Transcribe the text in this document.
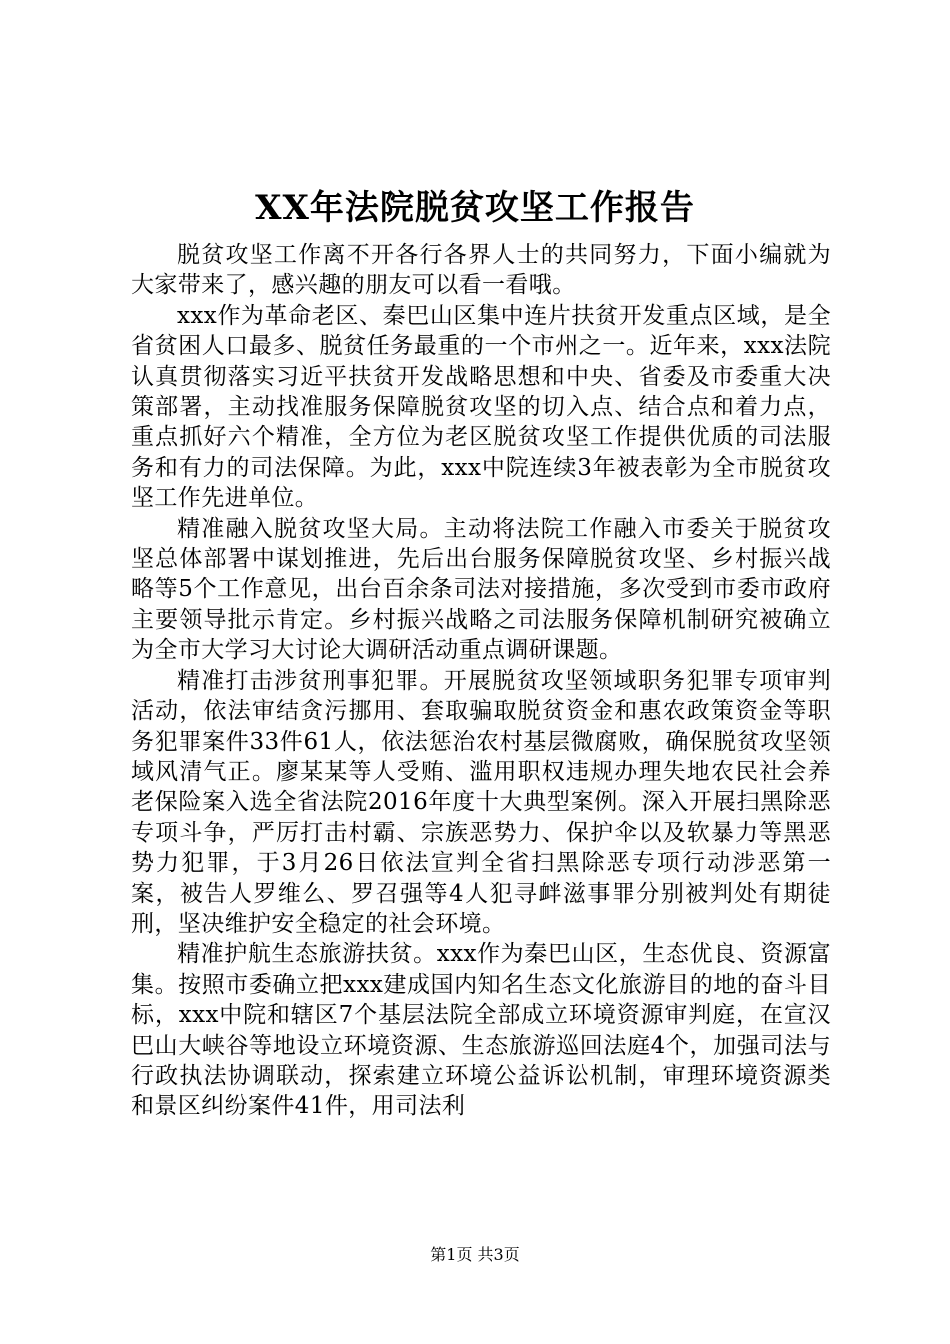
XX年法院脱贫攻坚工作报告

脱贫攻坚工作离不开各行各界人士的共同努力，下面小编就为大家带来了，感兴趣的朋友可以看一看哦。

xxx作为革命老区、秦巴山区集中连片扶贫开发重点区域，是全省贫困人口最多、脱贫任务最重的一个市州之一。近年来，xxx法院认真贯彻落实习近平扶贫开发战略思想和中央、省委及市委重大决策部署，主动找准服务保障脱贫攻坚的切入点、结合点和着力点，重点抓好六个精准，全方位为老区脱贫攻坚工作提供优质的司法服务和有力的司法保障。为此，xxx中院连续3年被表彰为全市脱贫攻坚工作先进单位。

精准融入脱贫攻坚大局。主动将法院工作融入市委关于脱贫攻坚总体部署中谋划推进，先后出台服务保障脱贫攻坚、乡村振兴战略等5个工作意见，出台百余条司法对接措施，多次受到市委市政府主要领导批示肯定。乡村振兴战略之司法服务保障机制研究被确立为全市大学习大讨论大调研活动重点调研课题。

精准打击涉贫刑事犯罪。开展脱贫攻坚领域职务犯罪专项审判活动，依法审结贪污挪用、套取骗取脱贫资金和惠农政策资金等职务犯罪案件33件61人，依法惩治农村基层微腐败，确保脱贫攻坚领域风清气正。廖某某等人受贿、滥用职权违规办理失地农民社会养老保险案入选全省法院2016年度十大典型案例。深入开展扫黑除恶专项斗争，严厉打击村霸、宗族恶势力、保护伞以及软暴力等黑恶势力犯罪，于3月26日依法宣判全省扫黑除恶专项行动涉恶第一案，被告人罗维么、罗召强等4人犯寻衅滋事罪分别被判处有期徒刑，坚决维护安全稳定的社会环境。

精准护航生态旅游扶贫。xxx作为秦巴山区，生态优良、资源富集。按照市委确立把xxx建成国内知名生态文化旅游目的地的奋斗目标，xxx中院和辖区7个基层法院全部成立环境资源审判庭，在宣汉巴山大峡谷等地设立环境资源、生态旅游巡回法庭4个，加强司法与行政执法协调联动，探索建立环境公益诉讼机制，审理环境资源类和景区纠纷案件41件，用司法利

第1页 共3页
